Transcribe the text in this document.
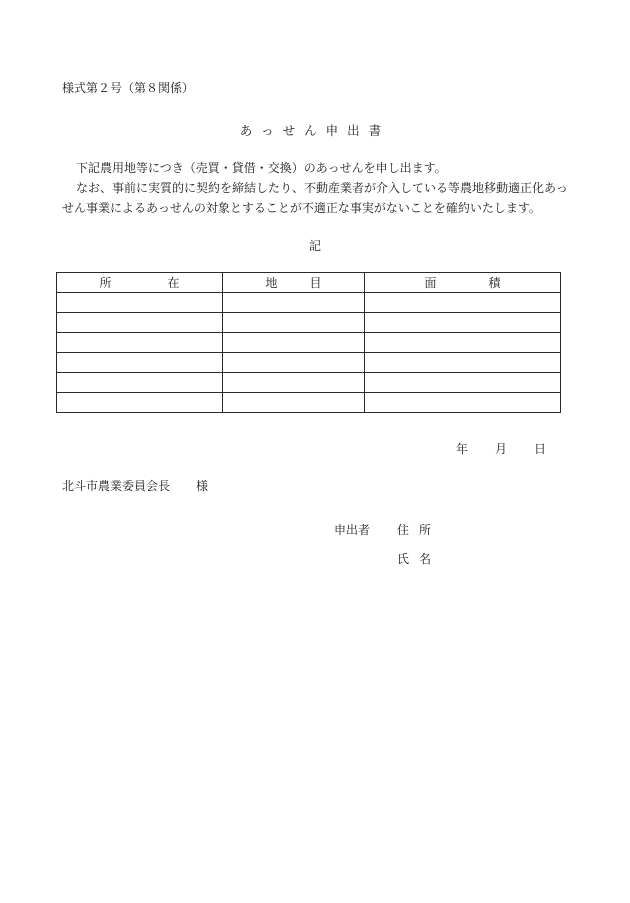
様式第２号（第８関係）
あっせん申出書

下記農用地等につき（売買・貸借・交換）のあっせんを申し出ます。

なお、事前に実質的に契約を締結したり、不動産業者が介入している等農地移動適正化あっせん事業によるあっせんの対象とすることが不適正な事実がないことを確約いたします。

記
所 在	地 目	面 積

年 月 日
北斗市農業委員会長 様
申出者 住 所
氏 名
